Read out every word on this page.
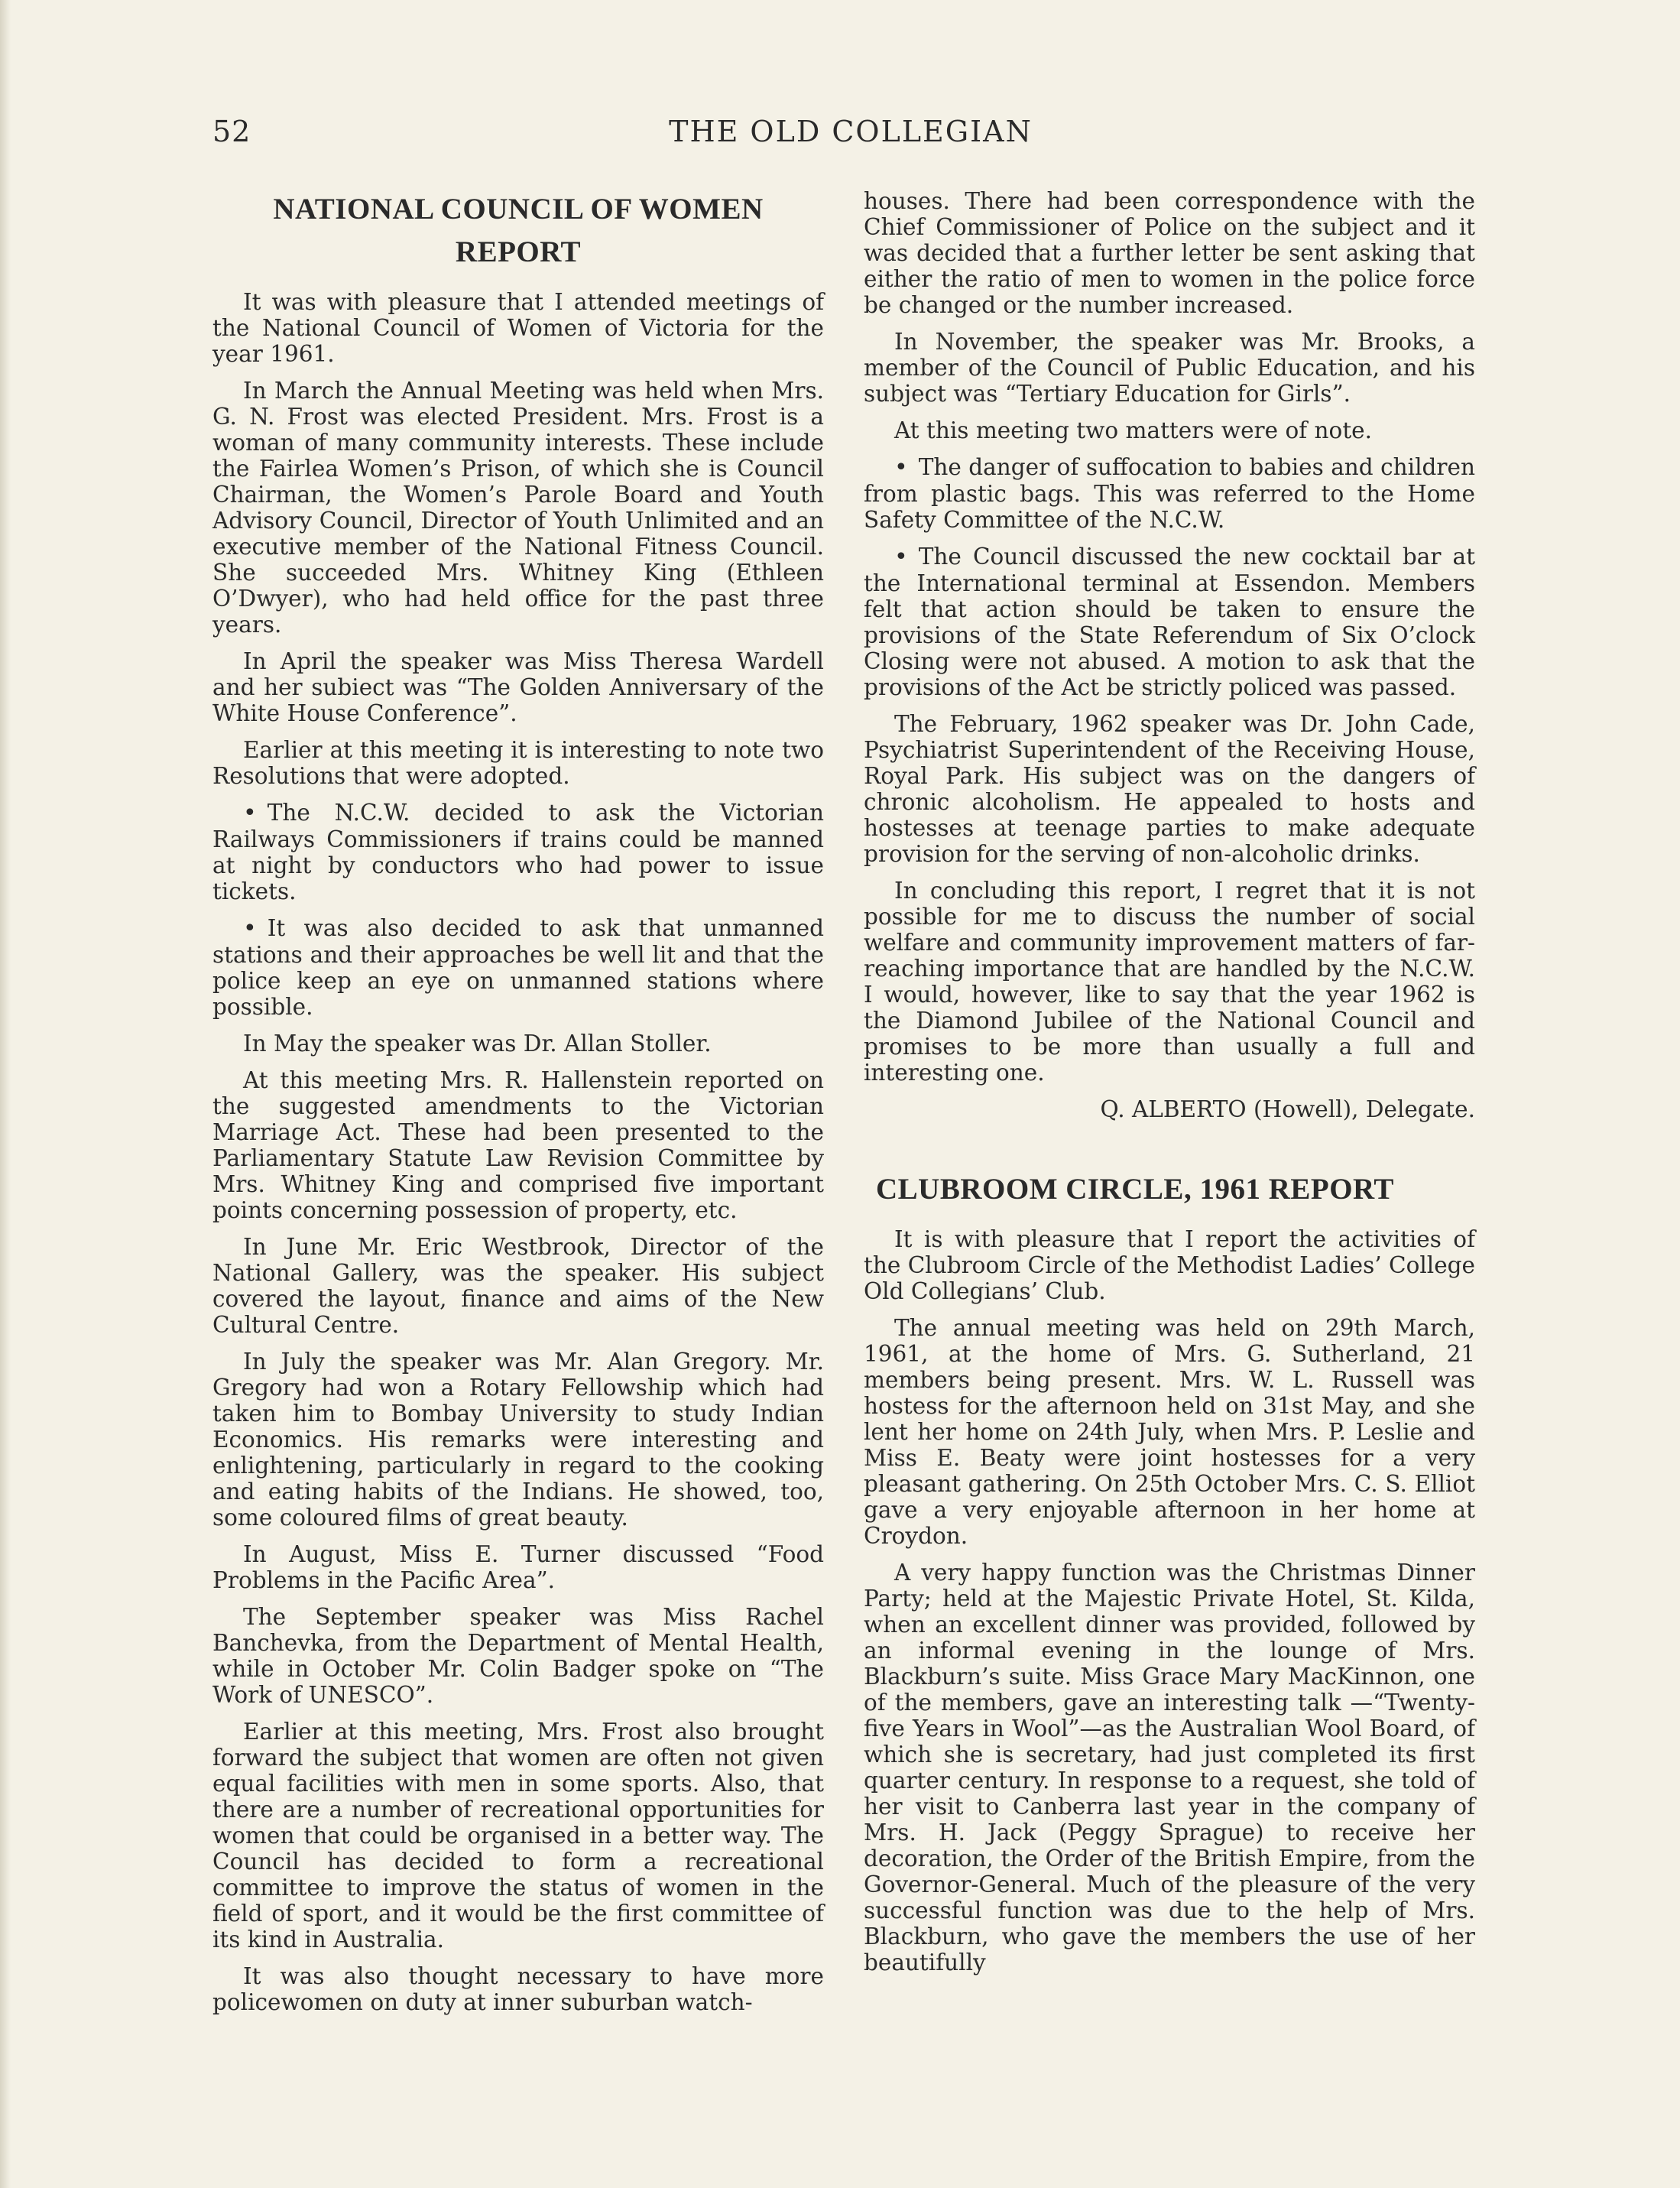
52	THE OLD COLLEGIAN
NATIONAL COUNCIL OF WOMEN REPORT

It was with pleasure that I attended meetings of the National Council of Women of Victoria for the year 1961.

In March the Annual Meeting was held when Mrs. G. N. Frost was elected President. Mrs. Frost is a woman of many community interests. These include the Fairlea Women’s Prison, of which she is Council Chairman, the Women’s Parole Board and Youth Advisory Council, Director of Youth Unlimited and an executive member of the National Fitness Council. She succeeded Mrs. Whitney King (Ethleen O’Dwyer), who had held office for the past three years.

In April the speaker was Miss Theresa Wardell and her subiect was “The Golden Anniversary of the White House Conference”.

Earlier at this meeting it is interesting to note two Resolutions that were adopted.

• The N.C.W. decided to ask the Victorian Railways Commissioners if trains could be manned at night by conductors who had power to issue tickets.

• It was also decided to ask that unmanned stations and their approaches be well lit and that the police keep an eye on unmanned stations where possible.

In May the speaker was Dr. Allan Stoller.

At this meeting Mrs. R. Hallenstein reported on the suggested amendments to the Victorian Marriage Act. These had been presented to the Parliamentary Statute Law Revision Committee by Mrs. Whitney King and comprised five important points concerning possession of property, etc.

In June Mr. Eric Westbrook, Director of the National Gallery, was the speaker. His subject covered the layout, finance and aims of the New Cultural Centre.

In July the speaker was Mr. Alan Gregory. Mr. Gregory had won a Rotary Fellowship which had taken him to Bombay University to study Indian Economics. His remarks were interesting and enlightening, particularly in regard to the cooking and eating habits of the Indians. He showed, too, some coloured films of great beauty.

In August, Miss E. Turner discussed “Food Problems in the Pacific Area”.

The September speaker was Miss Rachel Banchevka, from the Department of Mental Health, while in October Mr. Colin Badger spoke on “The Work of UNESCO”.

Earlier at this meeting, Mrs. Frost also brought forward the subject that women are often not given equal facilities with men in some sports. Also, that there are a number of recreational opportunities for women that could be organised in a better way. The Council has decided to form a recreational committee to improve the status of women in the field of sport, and it would be the first committee of its kind in Australia.

It was also thought necessary to have more policewomen on duty at inner suburban watch-

houses. There had been correspondence with the Chief Commissioner of Police on the subject and it was decided that a further letter be sent asking that either the ratio of men to women in the police force be changed or the number increased.

In November, the speaker was Mr. Brooks, a member of the Council of Public Education, and his subject was “Tertiary Education for Girls”.

At this meeting two matters were of note.

• The danger of suffocation to babies and children from plastic bags. This was referred to the Home Safety Committee of the N.C.W.

• The Council discussed the new cocktail bar at the International terminal at Essendon. Members felt that action should be taken to ensure the provisions of the State Referendum of Six O’clock Closing were not abused. A motion to ask that the provisions of the Act be strictly policed was passed.

The February, 1962 speaker was Dr. John Cade, Psychiatrist Superintendent of the Receiving House, Royal Park. His subject was on the dangers of chronic alcoholism. He appealed to hosts and hostesses at teenage parties to make adequate provision for the serving of non-alcoholic drinks.

In concluding this report, I regret that it is not possible for me to discuss the number of social welfare and community improvement matters of far-reaching importance that are handled by the N.C.W. I would, however, like to say that the year 1962 is the Diamond Jubilee of the National Council and promises to be more than usually a full and interesting one.

Q. ALBERTO (Howell), Delegate.

CLUBROOM CIRCLE, 1961 REPORT

It is with pleasure that I report the activities of the Clubroom Circle of the Methodist Ladies’ College Old Collegians’ Club.

The annual meeting was held on 29th March, 1961, at the home of Mrs. G. Sutherland, 21 members being present. Mrs. W. L. Russell was hostess for the afternoon held on 31st May, and she lent her home on 24th July, when Mrs. P. Leslie and Miss E. Beaty were joint hostesses for a very pleasant gathering. On 25th October Mrs. C. S. Elliot gave a very enjoyable afternoon in her home at Croydon.

A very happy function was the Christmas Dinner Party; held at the Majestic Private Hotel, St. Kilda, when an excellent dinner was provided, followed by an informal evening in the lounge of Mrs. Blackburn’s suite. Miss Grace Mary MacKinnon, one of the members, gave an interesting talk —“Twenty-five Years in Wool”—as the Australian Wool Board, of which she is secretary, had just completed its first quarter century. In response to a request, she told of her visit to Canberra last year in the company of Mrs. H. Jack (Peggy Sprague) to receive her decoration, the Order of the British Empire, from the Governor-General. Much of the pleasure of the very successful function was due to the help of Mrs. Blackburn, who gave the members the use of her beautifully
